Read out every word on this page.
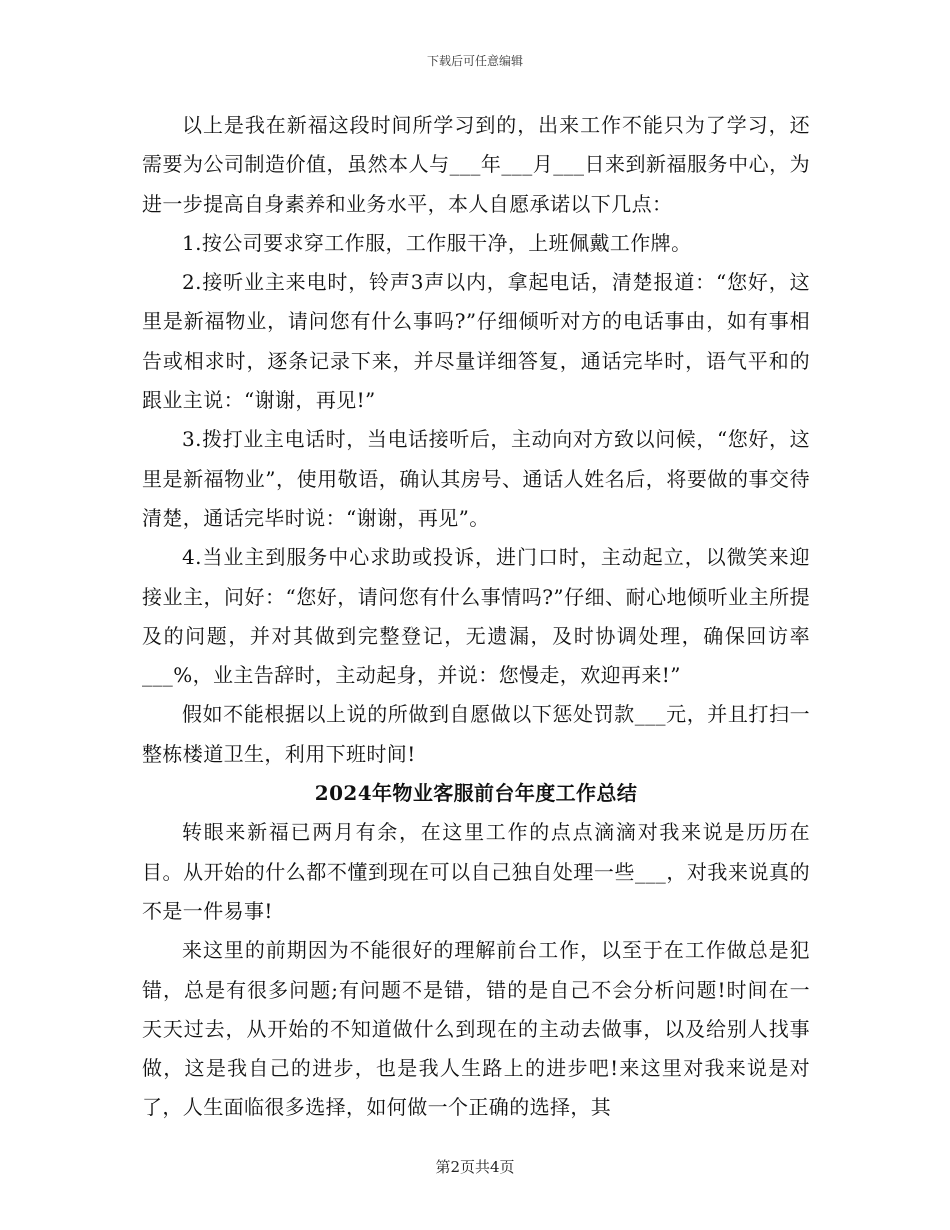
下载后可任意编辑

以上是我在新福这段时间所学习到的，出来工作不能只为了学习，还需要为公司制造价值，虽然本人与___年___月___日来到新福服务中心，为进一步提高自身素养和业务水平，本人自愿承诺以下几点：

1.按公司要求穿工作服，工作服干净，上班佩戴工作牌。

2.接听业主来电时，铃声3声以内，拿起电话，清楚报道：“您好，这里是新福物业，请问您有什么事吗?”仔细倾听对方的电话事由，如有事相告或相求时，逐条记录下来，并尽量详细答复，通话完毕时，语气平和的跟业主说：“谢谢，再见!”

3.拨打业主电话时，当电话接听后，主动向对方致以问候，“您好，这里是新福物业”，使用敬语，确认其房号、通话人姓名后，将要做的事交待清楚，通话完毕时说：“谢谢，再见”。

4.当业主到服务中心求助或投诉，进门口时，主动起立，以微笑来迎接业主，问好：“您好，请问您有什么事情吗?”仔细、耐心地倾听业主所提及的问题，并对其做到完整登记，无遗漏，及时协调处理，确保回访率___%，业主告辞时，主动起身，并说：您慢走，欢迎再来!”

假如不能根据以上说的所做到自愿做以下惩处罚款___元，并且打扫一整栋楼道卫生，利用下班时间!

2024年物业客服前台年度工作总结

转眼来新福已两月有余，在这里工作的点点滴滴对我来说是历历在目。从开始的什么都不懂到现在可以自己独自处理一些___，对我来说真的不是一件易事!

来这里的前期因为不能很好的理解前台工作，以至于在工作做总是犯错，总是有很多问题;有问题不是错，错的是自己不会分析问题!时间在一天天过去，从开始的不知道做什么到现在的主动去做事，以及给别人找事做，这是我自己的进步，也是我人生路上的进步吧!来这里对我来说是对了，人生面临很多选择，如何做一个正确的选择，其

第2页共4页
